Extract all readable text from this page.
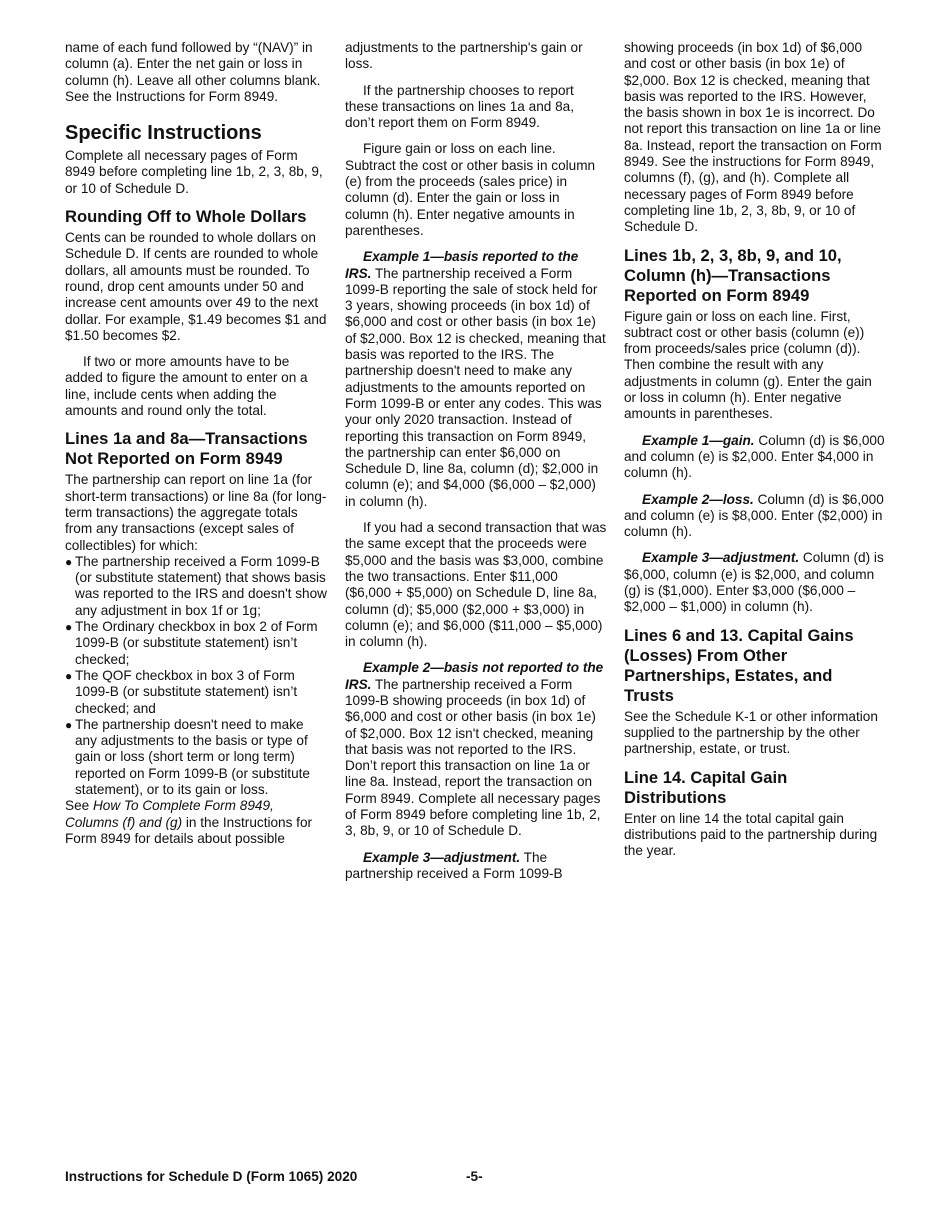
name of each fund followed by “(NAV)” in column (a). Enter the net gain or loss in column (h). Leave all other columns blank. See the Instructions for Form 8949.

Specific Instructions

Complete all necessary pages of Form 8949 before completing line 1b, 2, 3, 8b, 9, or 10 of Schedule D.

Rounding Off to Whole Dollars

Cents can be rounded to whole dollars on Schedule D. If cents are rounded to whole dollars, all amounts must be rounded. To round, drop cent amounts under 50 and increase cent amounts over 49 to the next dollar. For example, $1.49 becomes $1 and $1.50 becomes $2.

If two or more amounts have to be added to figure the amount to enter on a line, include cents when adding the amounts and round only the total.

Lines 1a and 8a—Transactions Not Reported on Form 8949

The partnership can report on line 1a (for short-term transactions) or line 8a (for long-term transactions) the aggregate totals from any transactions (except sales of collectibles) for which:

● The partnership received a Form 1099-B (or substitute statement) that shows basis was reported to the IRS and doesn't show any adjustment in box 1f or 1g;
● The Ordinary checkbox in box 2 of Form 1099-B (or substitute statement) isn’t checked;
● The QOF checkbox in box 3 of Form 1099-B (or substitute statement) isn’t checked; and
● The partnership doesn't need to make any adjustments to the basis or type of gain or loss (short term or long term) reported on Form 1099-B (or substitute statement), or to its gain or loss.

See How To Complete Form 8949, Columns (f) and (g) in the Instructions for Form 8949 for details about possible

adjustments to the partnership's gain or loss.

If the partnership chooses to report these transactions on lines 1a and 8a, don’t report them on Form 8949.

Figure gain or loss on each line. Subtract the cost or other basis in column (e) from the proceeds (sales price) in column (d). Enter the gain or loss in column (h). Enter negative amounts in parentheses.

Example 1—basis reported to the IRS. The partnership received a Form 1099-B reporting the sale of stock held for 3 years, showing proceeds (in box 1d) of $6,000 and cost or other basis (in box 1e) of $2,000. Box 12 is checked, meaning that basis was reported to the IRS. The partnership doesn't need to make any adjustments to the amounts reported on Form 1099-B or enter any codes. This was your only 2020 transaction. Instead of reporting this transaction on Form 8949, the partnership can enter $6,000 on Schedule D, line 8a, column (d); $2,000 in column (e); and $4,000 ($6,000 – $2,000) in column (h).

If you had a second transaction that was the same except that the proceeds were $5,000 and the basis was $3,000, combine the two transactions. Enter $11,000 ($6,000 + $5,000) on Schedule D, line 8a, column (d); $5,000 ($2,000 + $3,000) in column (e); and $6,000 ($11,000 – $5,000) in column (h).

Example 2—basis not reported to the IRS. The partnership received a Form 1099-B showing proceeds (in box 1d) of $6,000 and cost or other basis (in box 1e) of $2,000. Box 12 isn't checked, meaning that basis was not reported to the IRS. Don’t report this transaction on line 1a or line 8a. Instead, report the transaction on Form 8949. Complete all necessary pages of Form 8949 before completing line 1b, 2, 3, 8b, 9, or 10 of Schedule D.

Example 3—adjustment. The partnership received a Form 1099-B

showing proceeds (in box 1d) of $6,000 and cost or other basis (in box 1e) of $2,000. Box 12 is checked, meaning that basis was reported to the IRS. However, the basis shown in box 1e is incorrect. Do not report this transaction on line 1a or line 8a. Instead, report the transaction on Form 8949. See the instructions for Form 8949, columns (f), (g), and (h). Complete all necessary pages of Form 8949 before completing line 1b, 2, 3, 8b, 9, or 10 of Schedule D.

Lines 1b, 2, 3, 8b, 9, and 10, Column (h)—Transactions Reported on Form 8949

Figure gain or loss on each line. First, subtract cost or other basis (column (e)) from proceeds/sales price (column (d)). Then combine the result with any adjustments in column (g). Enter the gain or loss in column (h). Enter negative amounts in parentheses.

Example 1—gain. Column (d) is $6,000 and column (e) is $2,000. Enter $4,000 in column (h).

Example 2—loss. Column (d) is $6,000 and column (e) is $8,000. Enter ($2,000) in column (h).

Example 3—adjustment. Column (d) is $6,000, column (e) is $2,000, and column (g) is ($1,000). Enter $3,000 ($6,000 – $2,000 – $1,000) in column (h).

Lines 6 and 13. Capital Gains (Losses) From Other Partnerships, Estates, and Trusts

See the Schedule K-1 or other information supplied to the partnership by the other partnership, estate, or trust.

Line 14. Capital Gain Distributions

Enter on line 14 the total capital gain distributions paid to the partnership during the year.

Instructions for Schedule D (Form 1065) 2020	-5-
